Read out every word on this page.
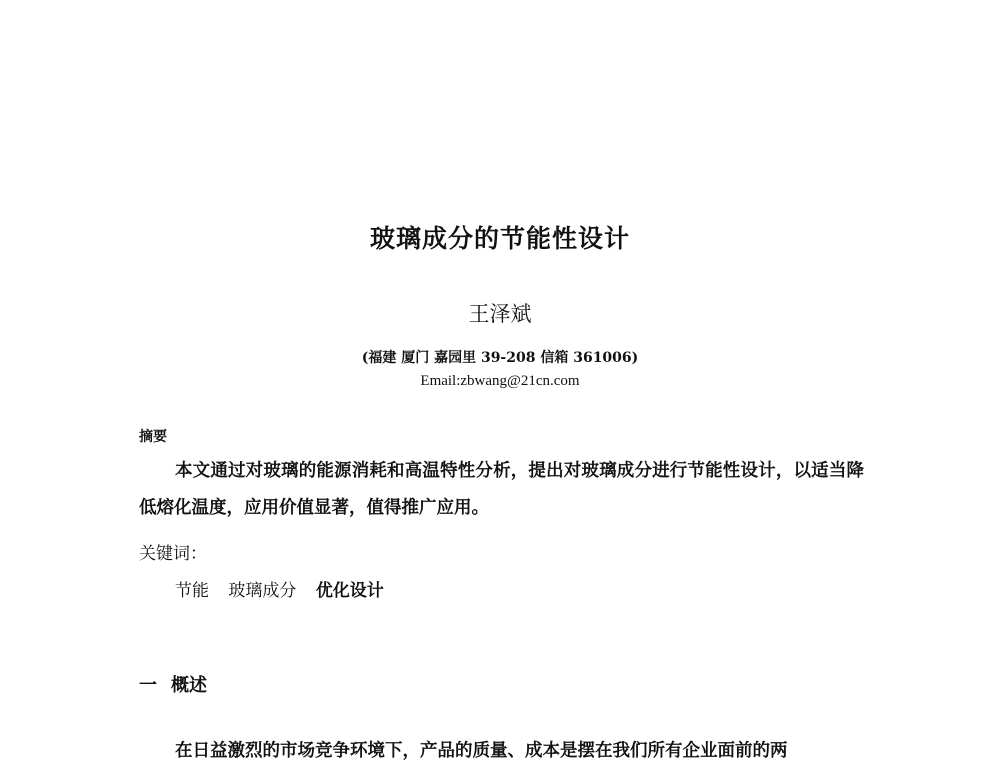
玻璃成分的节能性设计
王泽斌
(福建 厦门 嘉园里 39-208 信箱 361006)
Email:zbwang@21cn.com
摘要
本文通过对玻璃的能源消耗和高温特性分析，提出对玻璃成分进行节能性设计，以适当降低熔化温度，应用价值显著，值得推广应用。
关键词：
节能 玻璃成分 优化设计
一 概述
在日益激烈的市场竞争环境下，产品的质量、成本是摆在我们所有企业面前的两
